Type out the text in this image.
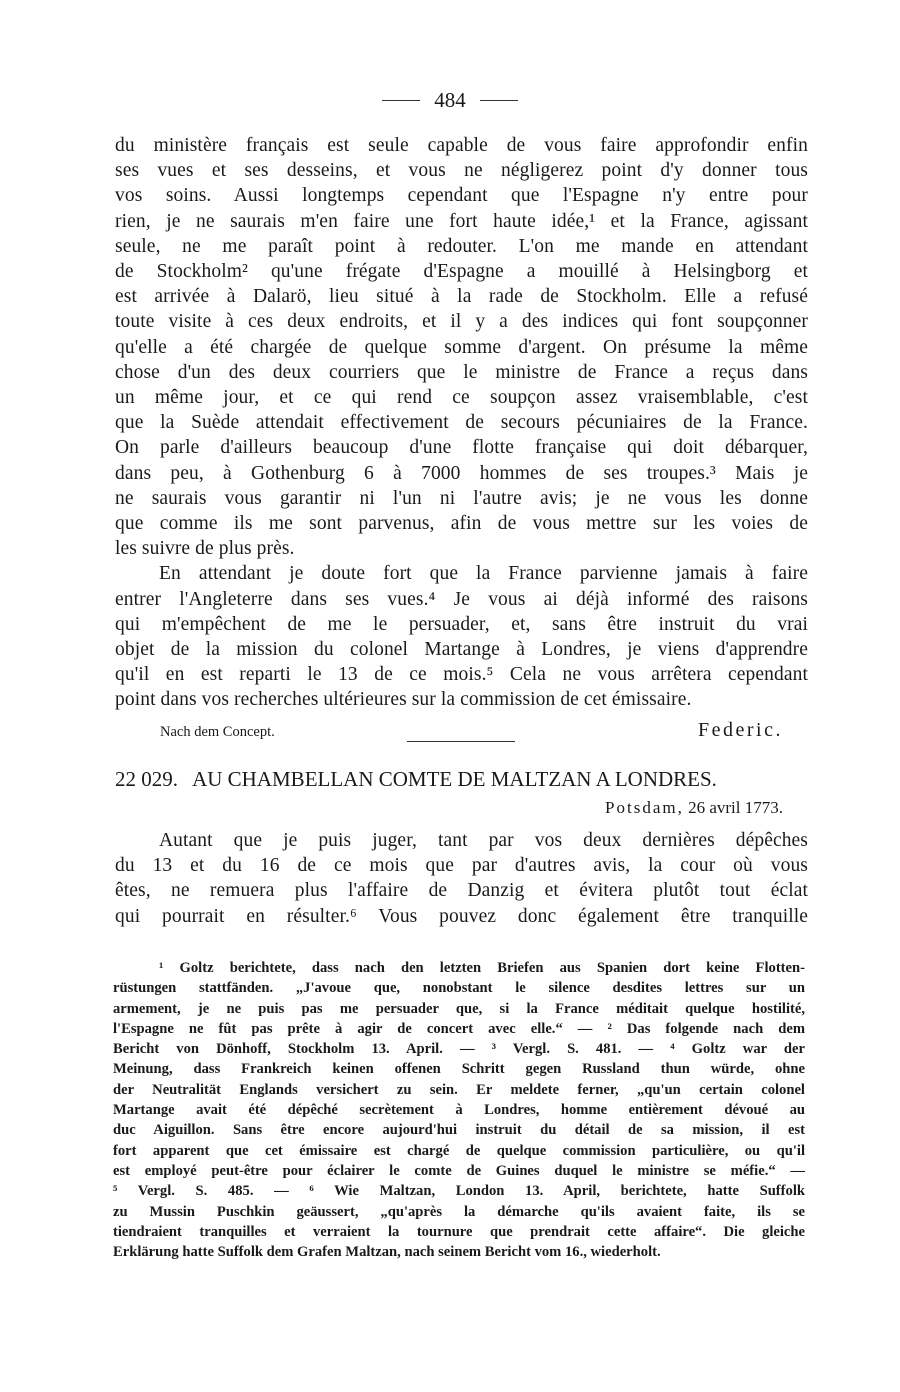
484
du ministère français est seule capable de vous faire approfondir enfin
ses vues et ses desseins, et vous ne négligerez point d'y donner tous
vos soins. Aussi longtemps cependant que l'Espagne n'y entre pour
rien, je ne saurais m'en faire une fort haute idée,¹ et la France, agissant
seule, ne me paraît point à redouter. L'on me mande en attendant
de Stockholm² qu'une frégate d'Espagne a mouillé à Helsingborg et
est arrivée à Dalarö, lieu situé à la rade de Stockholm. Elle a refusé
toute visite à ces deux endroits, et il y a des indices qui font soupçonner
qu'elle a été chargée de quelque somme d'argent. On présume la même
chose d'un des deux courriers que le ministre de France a reçus dans
un même jour, et ce qui rend ce soupçon assez vraisemblable, c'est
que la Suède attendait effectivement de secours pécuniaires de la France.
On parle d'ailleurs beaucoup d'une flotte française qui doit débarquer,
dans peu, à Gothenburg 6 à 7000 hommes de ses troupes.³ Mais je
ne saurais vous garantir ni l'un ni l'autre avis; je ne vous les donne
que comme ils me sont parvenus, afin de vous mettre sur les voies de
les suivre de plus près.
En attendant je doute fort que la France parvienne jamais à faire
entrer l'Angleterre dans ses vues.⁴ Je vous ai déjà informé des raisons
qui m'empêchent de me le persuader, et, sans être instruit du vrai
objet de la mission du colonel Martange à Londres, je viens d'apprendre
qu'il en est reparti le 13 de ce mois.⁵ Cela ne vous arrêtera cependant
point dans vos recherches ultérieures sur la commission de cet émissaire.
Nach dem Concept.	Federic.
22 029. AU CHAMBELLAN COMTE DE MALTZAN A LONDRES.
Potsdam, 26 avril 1773.
Autant que je puis juger, tant par vos deux dernières dépêches
du 13 et du 16 de ce mois que par d'autres avis, la cour où vous
êtes, ne remuera plus l'affaire de Danzig et évitera plutôt tout éclat
qui pourrait en résulter.⁶ Vous pouvez donc également être tranquille
¹ Goltz berichtete, dass nach den letzten Briefen aus Spanien dort keine Flotten-
rüstungen stattfänden. „J'avoue que, nonobstant le silence desdites lettres sur un
armement, je ne puis pas me persuader que, si la France méditait quelque hostilité,
l'Espagne ne fût pas prête à agir de concert avec elle.“ — ² Das folgende nach dem
Bericht von Dönhoff, Stockholm 13. April. — ³ Vergl. S. 481. — ⁴ Goltz war der
Meinung, dass Frankreich keinen offenen Schritt gegen Russland thun würde, ohne
der Neutralität Englands versichert zu sein. Er meldete ferner, „qu'un certain colonel
Martange avait été dépêché secrètement à Londres, homme entièrement dévoué au
duc Aiguillon. Sans être encore aujourd'hui instruit du détail de sa mission, il est
fort apparent que cet émissaire est chargé de quelque commission particulière, ou qu'il
est employé peut-être pour éclairer le comte de Guines duquel le ministre se méfie.“ —
⁵ Vergl. S. 485. — ⁶ Wie Maltzan, London 13. April, berichtete, hatte Suffolk
zu Mussin Puschkin geäussert, „qu'après la démarche qu'ils avaient faite, ils se
tiendraient tranquilles et verraient la tournure que prendrait cette affaire“. Die gleiche
Erklärung hatte Suffolk dem Grafen Maltzan, nach seinem Bericht vom 16., wiederholt.
